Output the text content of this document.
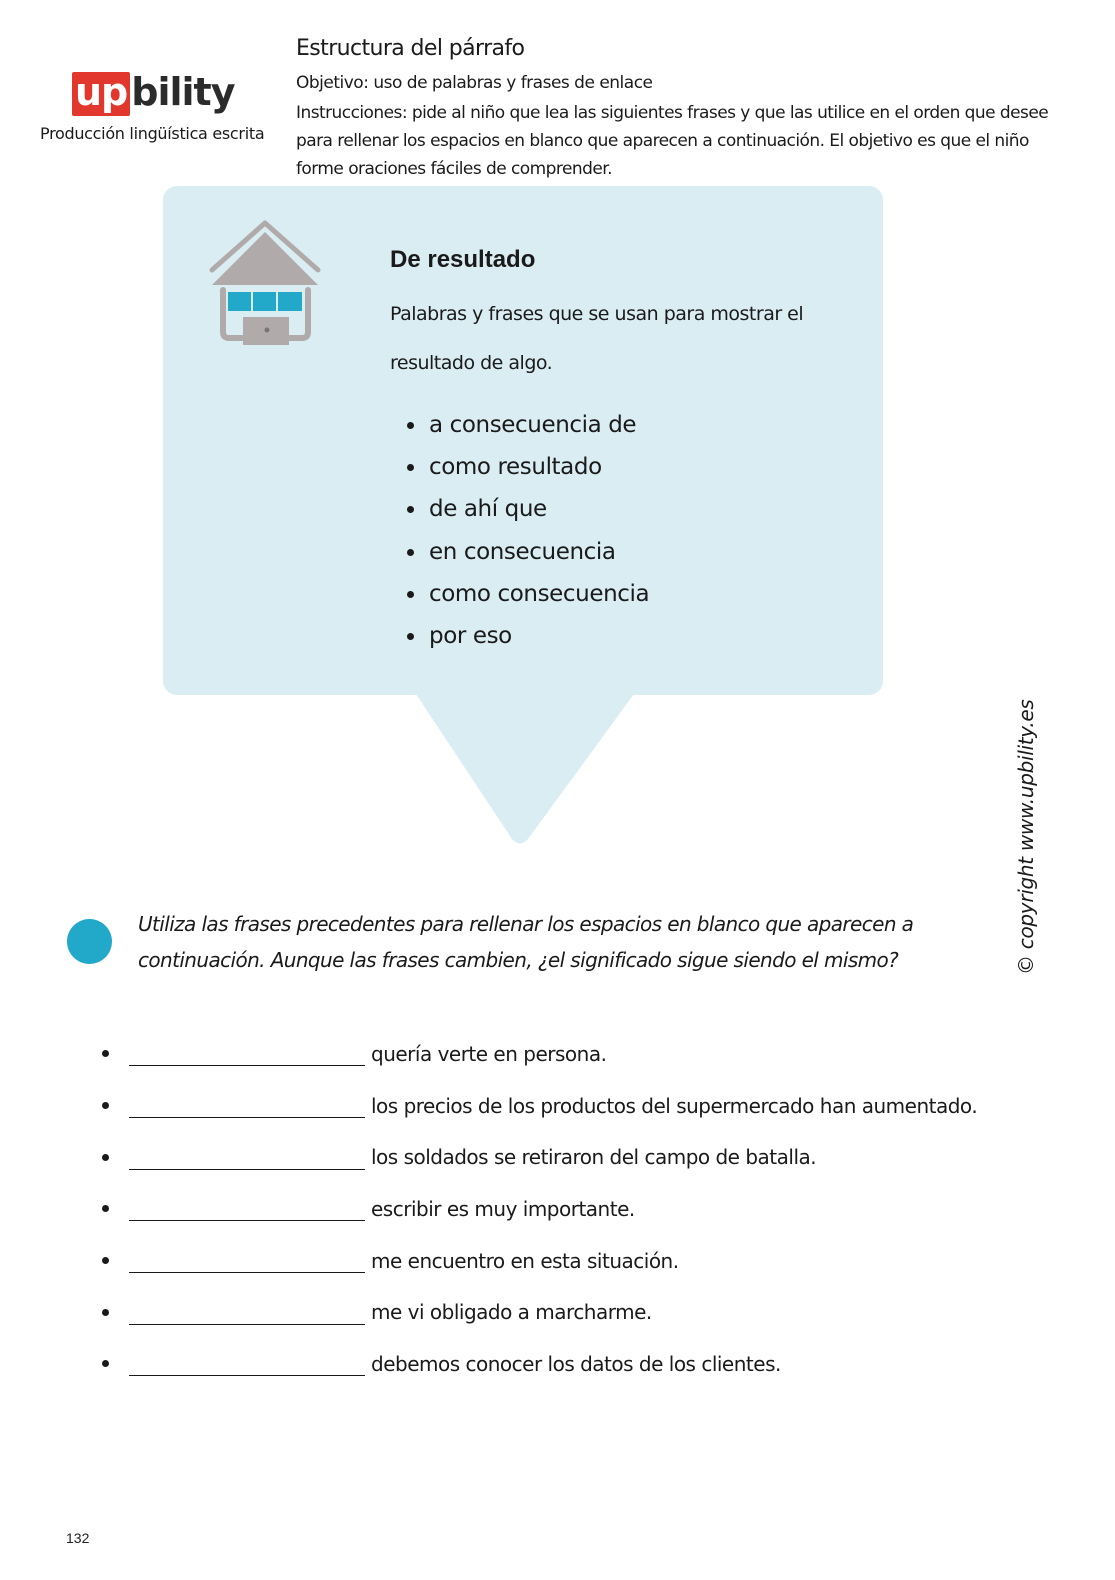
up bility
Producción lingüística escrita
Estructura del párrafo
Objetivo: uso de palabras y frases de enlace
Instrucciones: pide al niño que lea las siguientes frases y que las utilice en el orden que desee para rellenar los espacios en blanco que aparecen a continuación. El objetivo es que el niño forme oraciones fáciles de comprender.
De resultado
Palabras y frases que se usan para mostrar el resultado de algo.
a consecuencia de
como resultado
de ahí que
en consecuencia
como consecuencia
por eso
© copyright www.upbility.es
Utiliza las frases precedentes para rellenar los espacios en blanco que aparecen a continuación. Aunque las frases cambien, ¿el significado sigue siendo el mismo?
quería verte en persona.
los precios de los productos del supermercado han aumentado.
los soldados se retiraron del campo de batalla.
escribir es muy importante.
me encuentro en esta situación.
me vi obligado a marcharme.
debemos conocer los datos de los clientes.
132
